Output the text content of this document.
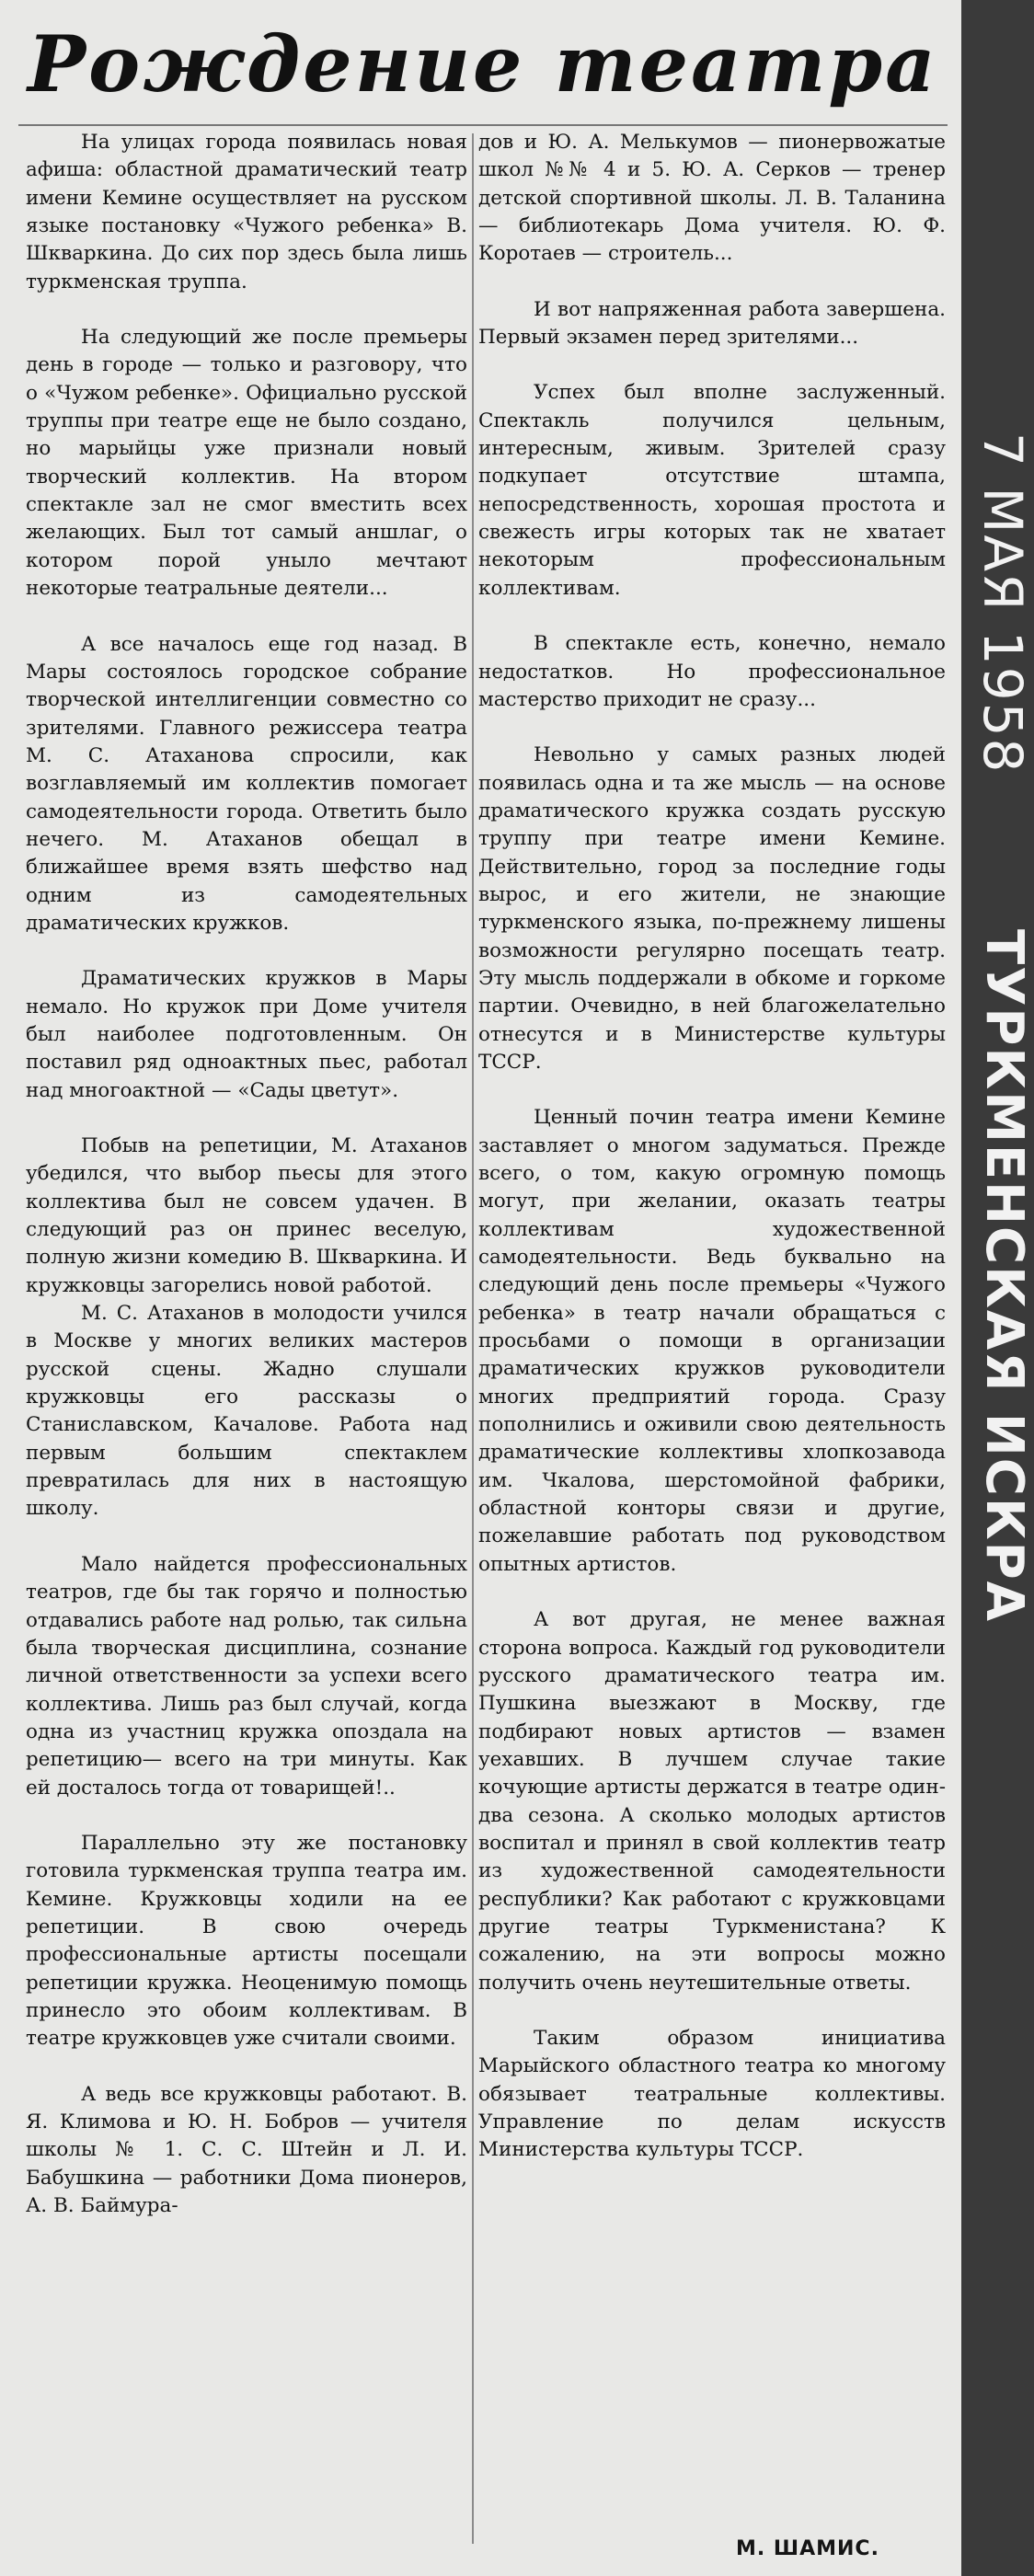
Рождение театра

На улицах города появилась новая афиша: областной драматический театр имени Кемине осуществляет на русском языке постановку «Чужого ребенка» В. Шкваркина. До сих пор здесь была лишь туркменская труппа.

На следующий же после премьеры день в городе — только и разговору, что о «Чужом ребенке». Официально русской труппы при театре еще не было создано, но марыйцы уже признали новый творческий коллектив. На втором спектакле зал не смог вместить всех желающих. Был тот самый аншлаг, о котором порой уныло мечтают некоторые театральные деятели...

А все началось еще год назад. В Мары состоялось городское собрание творческой интеллигенции совместно со зрителями. Главного режиссера театра М. С. Атаханова спросили, как возглавляемый им коллектив помогает самодеятельности города. Ответить было нечего. М. Атаханов обещал в ближайшее время взять шефство над одним из самодеятельных драматических кружков.

Драматических кружков в Мары немало. Но кружок при Доме учителя был наиболее подготовленным. Он поставил ряд одноактных пьес, работал над многоактной — «Сады цветут».

Побыв на репетиции, М. Атаханов убедился, что выбор пьесы для этого коллектива был не совсем удачен. В следующий раз он принес веселую, полную жизни комедию В. Шкваркина. И кружковцы загорелись новой работой.

М. С. Атаханов в молодости учился в Москве у многих великих мастеров русской сцены. Жадно слушали кружковцы его рассказы о Станиславском, Качалове. Работа над первым большим спектаклем превратилась для них в настоящую школу.

Мало найдется профессиональных театров, где бы так горячо и полностью отдавались работе над ролью, так сильна была творческая дисциплина, сознание личной ответственности за успехи всего коллектива. Лишь раз был случай, когда одна из участниц кружка опоздала на репетицию— всего на три минуты. Как ей досталось тогда от товарищей!..

Параллельно эту же постановку готовила туркменская труппа театра им. Кемине. Кружковцы ходили на ее репетиции. В свою очередь профессиональные артисты посещали репетиции кружка. Неоценимую помощь принесло это обоим коллективам. В театре кружковцев уже считали своими.

А ведь все кружковцы работают. В. Я. Климова и Ю. Н. Бобров — учителя школы № 1. С. С. Штейн и Л. И. Бабушкина — работники Дома пионеров, А. В. Баймура-

дов и Ю. А. Мелькумов — пионервожатые школ №№ 4 и 5. Ю. А. Серков — тренер детской спортивной школы. Л. В. Таланина — библиотекарь Дома учителя. Ю. Ф. Коротаев — строитель...

И вот напряженная работа завершена. Первый экзамен перед зрителями...

Успех был вполне заслуженный. Спектакль получился цельным, интересным, живым. Зрителей сразу подкупает отсутствие штампа, непосредственность, хорошая простота и свежесть игры которых так не хватает некоторым профессиональным коллективам.

В спектакле есть, конечно, немало недостатков. Но профессиональное мастерство приходит не сразу...

Невольно у самых разных людей появилась одна и та же мысль — на основе драматического кружка создать русскую труппу при театре имени Кемине. Действительно, город за последние годы вырос, и его жители, не знающие туркменского языка, по-прежнему лишены возможности регулярно посещать театр. Эту мысль поддержали в обкоме и горкоме партии. Очевидно, в ней благожелательно отнесутся и в Министерстве культуры ТССР.

Ценный почин театра имени Кемине заставляет о многом задуматься. Прежде всего, о том, какую огромную помощь могут, при желании, оказать театры коллективам художественной самодеятельности. Ведь буквально на следующий день после премьеры «Чужого ребенка» в театр начали обращаться с просьбами о помощи в организации драматических кружков руководители многих предприятий города. Сразу пополнились и оживили свою деятельность драматические коллективы хлопкозавода им. Чкалова, шерстомойной фабрики, областной конторы связи и другие, пожелавшие работать под руководством опытных артистов.

А вот другая, не менее важная сторона вопроса. Каждый год руководители русского драматического театра им. Пушкина выезжают в Москву, где подбирают новых артистов — взамен уехавших. В лучшем случае такие кочующие артисты держатся в театре один-два сезона. А сколько молодых артистов воспитал и принял в свой коллектив театр из художественной самодеятельности республики? Как работают с кружковцами другие театры Туркменистана? К сожалению, на эти вопросы можно получить очень неутешительные ответы.

Таким образом инициатива Марыйского областного театра ко многому обязывает театральные коллективы. Управление по делам искусств Министерства культуры ТССР.

М. ШАМИС.
7 МАЯ 1958
ТУРКМЕНСКАЯ ИСКРА
